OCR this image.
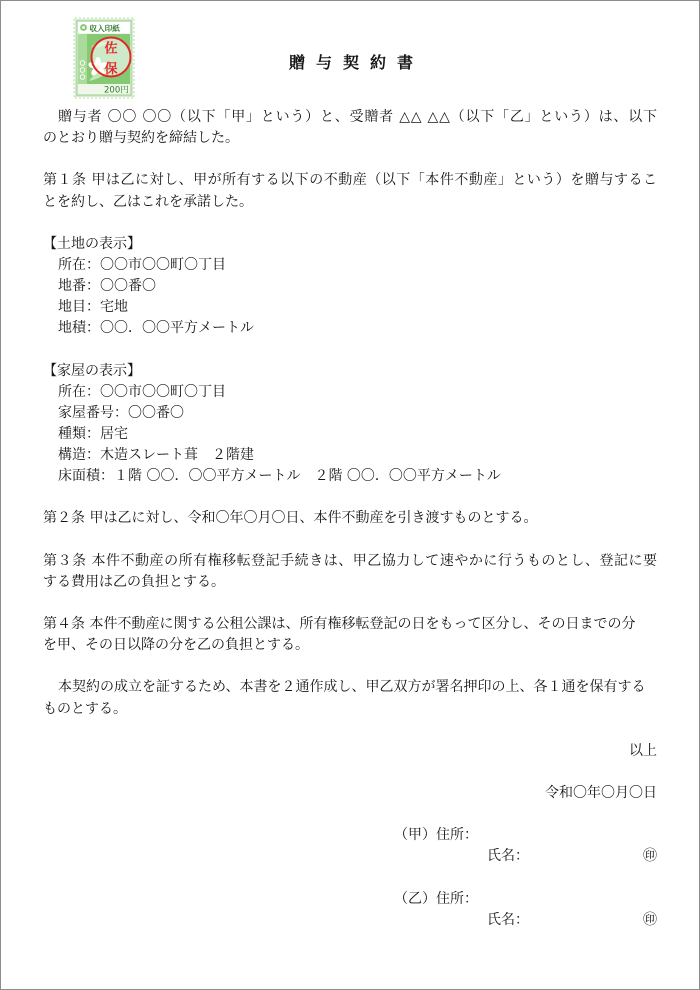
収入印紙
200円
佐
保	贈与契約書
贈与者 〇〇 〇〇（以下「甲」という）と、受贈者 △△ △△（以下「乙」という）は、以下
のとおり贈与契約を締結した。
第１条 甲は乙に対し、甲が所有する以下の不動産（以下「本件不動産」という）を贈与するこ
とを約し、乙はこれを承諾した。
【土地の表示】
所在：〇〇市〇〇町〇丁目
地番：〇〇番〇
地目：宅地
地積：〇〇．〇〇平方メートル
【家屋の表示】
所在：〇〇市〇〇町〇丁目
家屋番号：〇〇番〇
種類：居宅
構造：木造スレート葺　２階建
床面積：１階 〇〇．〇〇平方メートル　２階 〇〇．〇〇平方メートル
第２条 甲は乙に対し、令和〇年〇月〇日、本件不動産を引き渡すものとする。
第３条 本件不動産の所有権移転登記手続きは、甲乙協力して速やかに行うものとし、登記に要
する費用は乙の負担とする。
第４条 本件不動産に関する公租公課は、所有権移転登記の日をもって区分し、その日までの分
を甲、その日以降の分を乙の負担とする。
本契約の成立を証するため、本書を２通作成し、甲乙双方が署名押印の上、各１通を保有する
ものとする。
以上
令和〇年〇月〇日
（甲）住所：
氏名：	㊞
（乙）住所：
氏名：	㊞
